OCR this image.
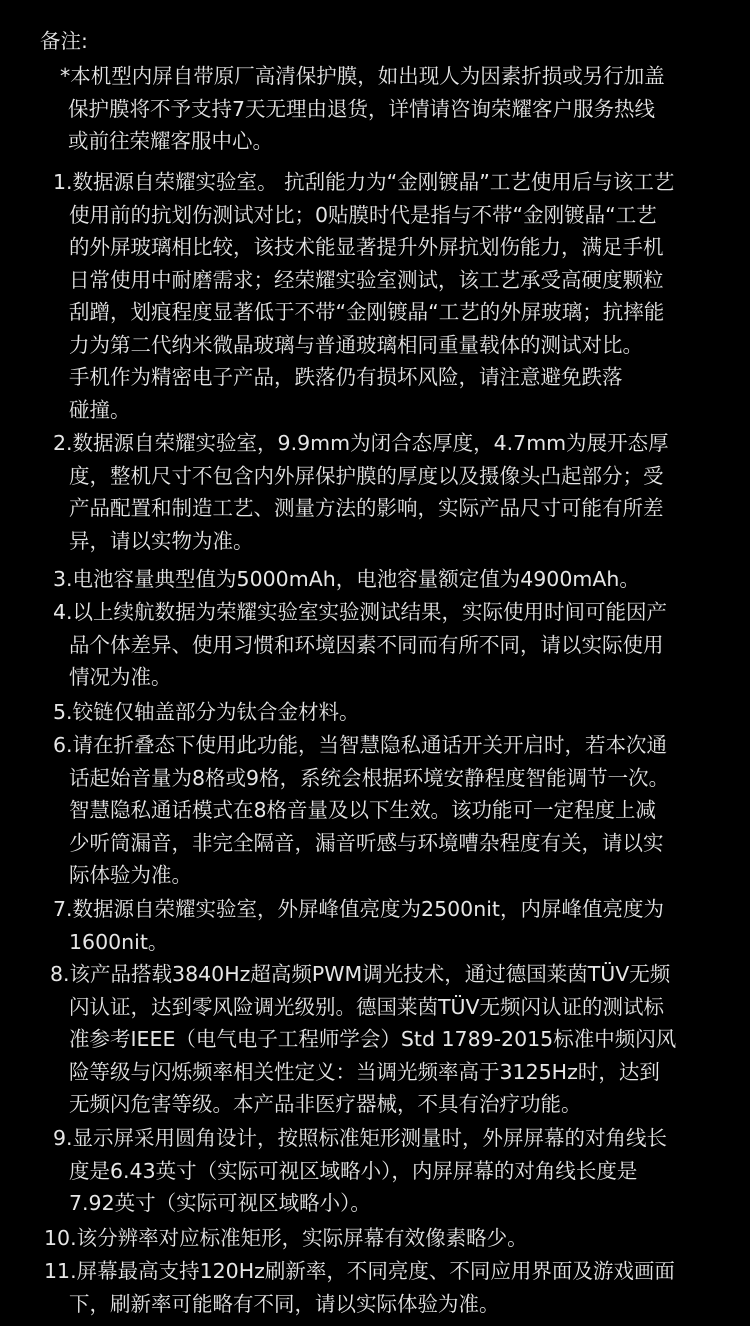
备注:
*本机型内屏自带原厂高清保护膜，如出现人为因素折损或另行加盖
保护膜将不予支持7天无理由退货，详情请咨询荣耀客户服务热线
或前往荣耀客服中心。
1.数据源自荣耀实验室。 抗刮能力为“金刚镀晶”工艺使用后与该工艺
使用前的抗划伤测试对比；0贴膜时代是指与不带“金刚镀晶“工艺
的外屏玻璃相比较，该技术能显著提升外屏抗划伤能力，满足手机
日常使用中耐磨需求；经荣耀实验室测试，该工艺承受高硬度颗粒
刮蹭，划痕程度显著低于不带“金刚镀晶“工艺的外屏玻璃；抗摔能
力为第二代纳米微晶玻璃与普通玻璃相同重量载体的测试对比。
手机作为精密电子产品，跌落仍有损坏风险，请注意避免跌落
碰撞。
2.数据源自荣耀实验室，9.9mm为闭合态厚度，4.7mm为展开态厚
度，整机尺寸不包含内外屏保护膜的厚度以及摄像头凸起部分；受
产品配置和制造工艺、测量方法的影响，实际产品尺寸可能有所差
异，请以实物为准。
3.电池容量典型值为5000mAh，电池容量额定值为4900mAh。
4.以上续航数据为荣耀实验室实验测试结果，实际使用时间可能因产
品个体差异、使用习惯和环境因素不同而有所不同，请以实际使用
情况为准。
5.铰链仅轴盖部分为钛合金材料。
6.请在折叠态下使用此功能，当智慧隐私通话开关开启时，若本次通
话起始音量为8格或9格，系统会根据环境安静程度智能调节一次。
智慧隐私通话模式在8格音量及以下生效。该功能可一定程度上减
少听筒漏音，非完全隔音，漏音听感与环境嘈杂程度有关，请以实
际体验为准。
7.数据源自荣耀实验室，外屏峰值亮度为2500nit，内屏峰值亮度为
1600nit。
8.该产品搭载3840Hz超高频PWM调光技术，通过德国莱茵TÜV无频
闪认证，达到零风险调光级别。德国莱茵TÜV无频闪认证的测试标
准参考IEEE（电气电子工程师学会）Std 1789-2015标准中频闪风
险等级与闪烁频率相关性定义：当调光频率高于3125Hz时，达到
无频闪危害等级。本产品非医疗器械，不具有治疗功能。
9.显示屏采用圆角设计，按照标准矩形测量时，外屏屏幕的对角线长
度是6.43英寸（实际可视区域略小），内屏屏幕的对角线长度是
7.92英寸（实际可视区域略小）。
10.该分辨率对应标准矩形，实际屏幕有效像素略少。
11.屏幕最高支持120Hz刷新率，不同亮度、不同应用界面及游戏画面
下，刷新率可能略有不同，请以实际体验为准。
